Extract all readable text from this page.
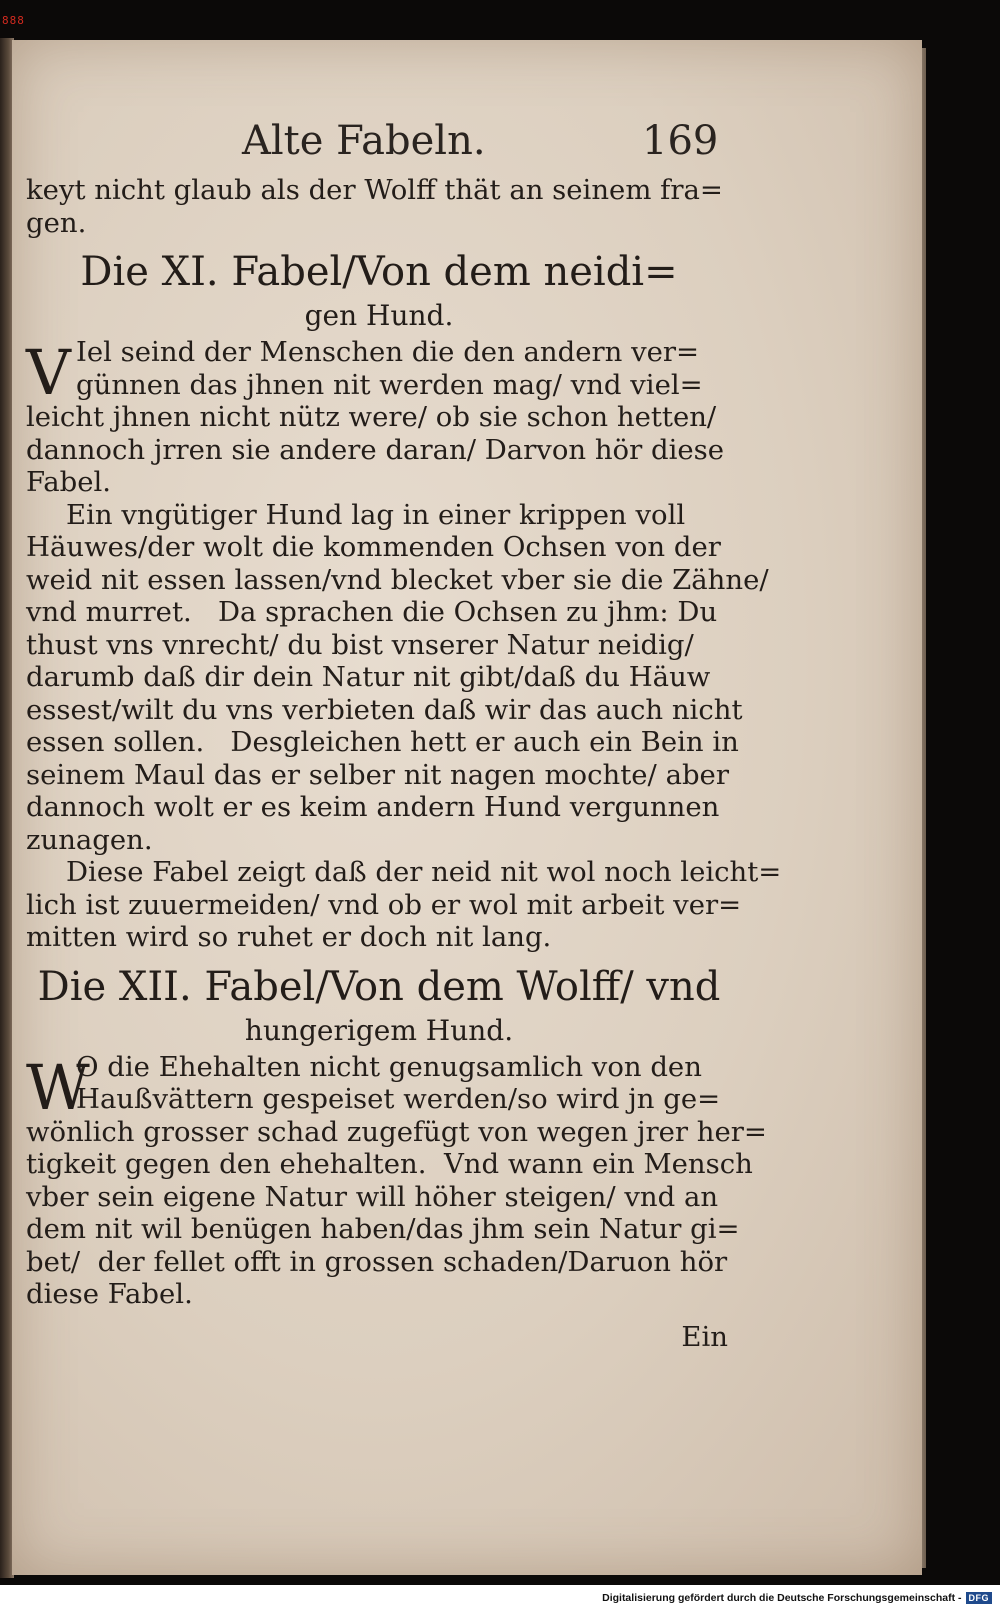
888
Alte Fabeln.	169
keyt nicht glaub als der Wolff thät an seinem fra=
gen.
Die XI. Fabel/Von dem neidi=
gen Hund.
V Iel seind der Menschen die den andern ver=
günnen das jhnen nit werden mag/ vnd viel=
leicht jhnen nicht nütz were/ ob sie schon hetten/
dannoch jrren sie andere daran/ Darvon hör diese
Fabel.
Ein vngütiger Hund lag in einer krippen voll
Häuwes/der wolt die kommenden Ochsen von der
weid nit essen lassen/vnd blecket vber sie die Zähne/
vnd murret.   Da sprachen die Ochsen zu jhm: Du
thust vns vnrecht/ du bist vnserer Natur neidig/
darumb daß dir dein Natur nit gibt/daß du Häuw
essest/wilt du vns verbieten daß wir das auch nicht
essen sollen.   Desgleichen hett er auch ein Bein in
seinem Maul das er selber nit nagen mochte/ aber
dannoch wolt er es keim andern Hund vergunnen
zunagen.
Diese Fabel zeigt daß der neid nit wol noch leicht=
lich ist zuuermeiden/ vnd ob er wol mit arbeit ver=
mitten wird so ruhet er doch nit lang.
Die XII. Fabel/Von dem Wolff/ vnd
hungerigem Hund.
W
O die Ehehalten nicht genugsamlich von den
Haußvättern gespeiset werden/so wird jn ge=
wönlich grosser schad zugefügt von wegen jrer her=
tigkeit gegen den ehehalten.  Vnd wann ein Mensch
vber sein eigene Natur will höher steigen/ vnd an
dem nit wil benügen haben/das jhm sein Natur gi=
bet/  der fellet offt in grossen schaden/Daruon hör
diese Fabel.
Ein
Digitalisierung gefördert durch die Deutsche Forschungsgemeinschaft - DFG
